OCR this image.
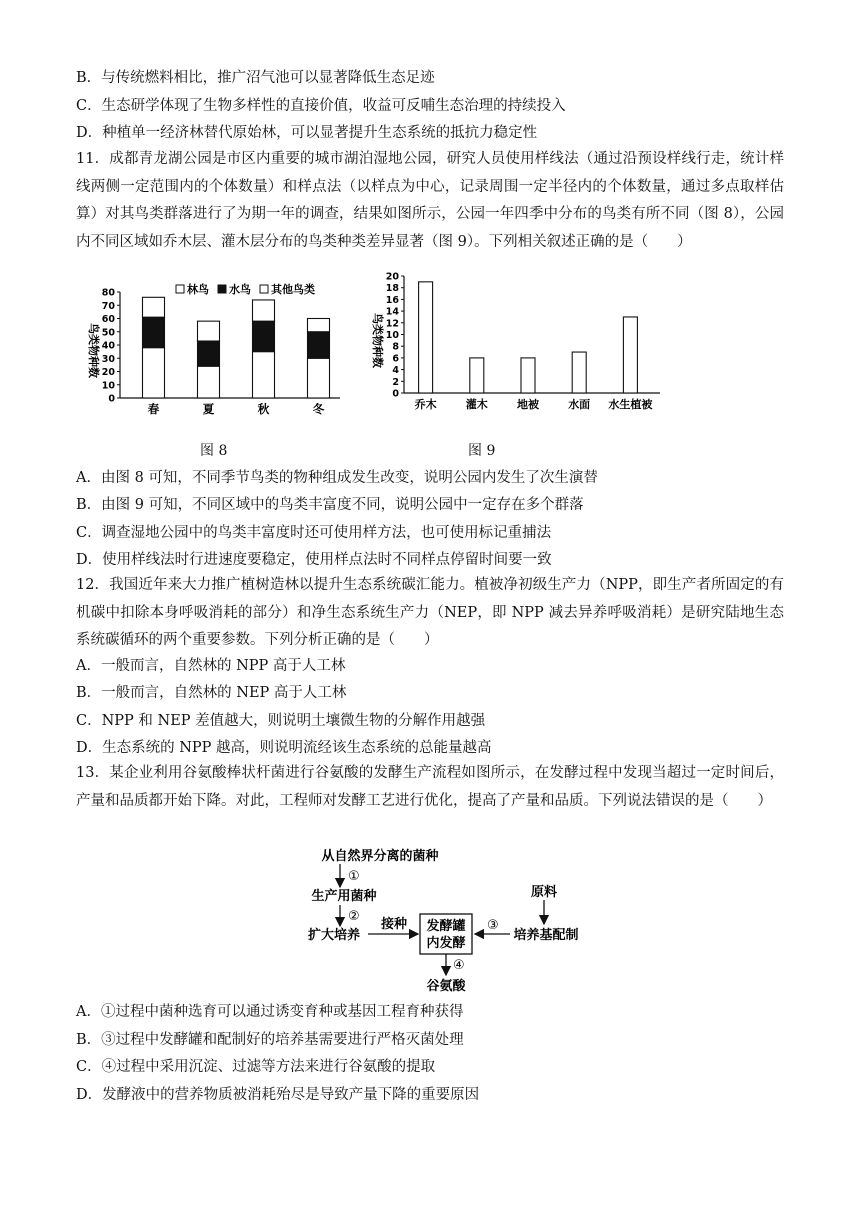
B．与传统燃料相比，推广沼气池可以显著降低生态足迹
C．生态研学体现了生物多样性的直接价值，收益可反哺生态治理的持续投入
D．种植单一经济林替代原始林，可以显著提升生态系统的抵抗力稳定性
11．成都青龙湖公园是市区内重要的城市湖泊湿地公园，研究人员使用样线法（通过沿预设样线行走，统计样线两侧一定范围内的个体数量）和样点法（以样点为中心，记录周围一定半径内的个体数量，通过多点取样估算）对其鸟类群落进行了为期一年的调查，结果如图所示，公园一年四季中分布的鸟类有所不同（图 8），公园内不同区域如乔木层、灌木层分布的鸟类种类差异显著（图 9）。下列相关叙述正确的是（　　）
0
10
20
30
40
50
60
70
80
鸟类物种数
春	夏	秋	冬
林鸟 水鸟 其他鸟类
0
2
4
6
8
10
12
14
16
18
20
鸟类物种数
乔木	灌木	地被	水面 水生植被
图 8	图 9
A．由图 8 可知，不同季节鸟类的物种组成发生改变，说明公园内发生了次生演替
B．由图 9 可知，不同区域中的鸟类丰富度不同，说明公园中一定存在多个群落
C．调查湿地公园中的鸟类丰富度时还可使用样方法，也可使用标记重捕法
D．使用样线法时行进速度要稳定，使用样点法时不同样点停留时间要一致
12．我国近年来大力推广植树造林以提升生态系统碳汇能力。植被净初级生产力（NPP，即生产者所固定的有机碳中扣除本身呼吸消耗的部分）和净生态系统生产力（NEP，即 NPP 减去异养呼吸消耗）是研究陆地生态系统碳循环的两个重要参数。下列分析正确的是（　　）
A．一般而言，自然林的 NPP 高于人工林
B．一般而言，自然林的 NEP 高于人工林
C．NPP 和 NEP 差值越大，则说明土壤微生物的分解作用越强
D．生态系统的 NPP 越高，则说明流经该生态系统的总能量越高
13．某企业利用谷氨酸棒状杆菌进行谷氨酸的发酵生产流程如图所示，在发酵过程中发现当超过一定时间后，产量和品质都开始下降。对此，工程师对发酵工艺进行优化，提高了产量和品质。下列说法错误的是（　　）
从自然界分离的菌种
①
生产用菌种
②
扩大培养
接种 发酵罐
内发酵
③
培养基配制
原料
④
谷氨酸
A．①过程中菌种选育可以通过诱变育种或基因工程育种获得
B．③过程中发酵罐和配制好的培养基需要进行严格灭菌处理
C．④过程中采用沉淀、过滤等方法来进行谷氨酸的提取
D．发酵液中的营养物质被消耗殆尽是导致产量下降的重要原因
